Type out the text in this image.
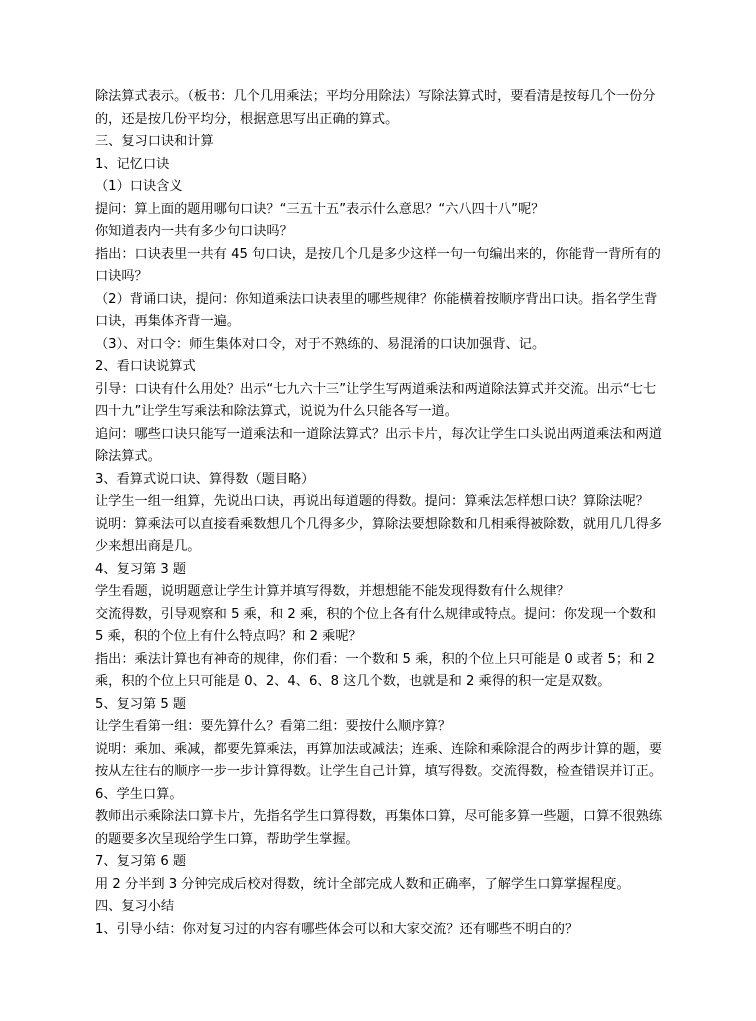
除法算式表示。（板书：几个几用乘法；平均分用除法）写除法算式时，要看清是按每几个一份分的，还是按几份平均分，根据意思写出正确的算式。
三、复习口诀和计算
1、记忆口诀
（1）口诀含义
提问：算上面的题用哪句口诀？“三五十五”表示什么意思？“六八四十八”呢？
你知道表内一共有多少句口诀吗？
指出：口诀表里一共有 45 句口诀，是按几个几是多少这样一句一句编出来的，你能背一背所有的口诀吗？
（2）背诵口诀，提问：你知道乘法口诀表里的哪些规律？你能横着按顺序背出口诀。指名学生背口诀，再集体齐背一遍。
（3）、对口令：师生集体对口令，对于不熟练的、易混淆的口诀加强背、记。
2、看口诀说算式
引导：口诀有什么用处？出示“七九六十三”让学生写两道乘法和两道除法算式并交流。出示“七七四十九”让学生写乘法和除法算式，说说为什么只能各写一道。
追问：哪些口诀只能写一道乘法和一道除法算式？出示卡片，每次让学生口头说出两道乘法和两道除法算式。
3、看算式说口诀、算得数（题目略）
让学生一组一组算，先说出口诀，再说出每道题的得数。提问：算乘法怎样想口诀？算除法呢？
说明：算乘法可以直接看乘数想几个几得多少，算除法要想除数和几相乘得被除数，就用几几得多少来想出商是几。
4、复习第 3 题
学生看题，说明题意让学生计算并填写得数，并想想能不能发现得数有什么规律？
交流得数，引导观察和 5 乘，和 2 乘，积的个位上各有什么规律或特点。提问：你发现一个数和 5 乘，积的个位上有什么特点吗？和 2 乘呢？
指出：乘法计算也有神奇的规律，你们看：一个数和 5 乘，积的个位上只可能是 0 或者 5；和 2 乘，积的个位上只可能是 0、2、4、6、8 这几个数，也就是和 2 乘得的积一定是双数。
5、复习第 5 题
让学生看第一组：要先算什么？看第二组：要按什么顺序算？
说明：乘加、乘减，都要先算乘法，再算加法或减法；连乘、连除和乘除混合的两步计算的题，要按从左往右的顺序一步一步计算得数。让学生自己计算，填写得数。交流得数，检查错误并订正。
6、学生口算。
教师出示乘除法口算卡片，先指名学生口算得数，再集体口算，尽可能多算一些题，口算不很熟练的题要多次呈现给学生口算，帮助学生掌握。
7、复习第 6 题
用 2 分半到 3 分钟完成后校对得数，统计全部完成人数和正确率，了解学生口算掌握程度。
四、复习小结
1、引导小结：你对复习过的内容有哪些体会可以和大家交流？还有哪些不明白的？
